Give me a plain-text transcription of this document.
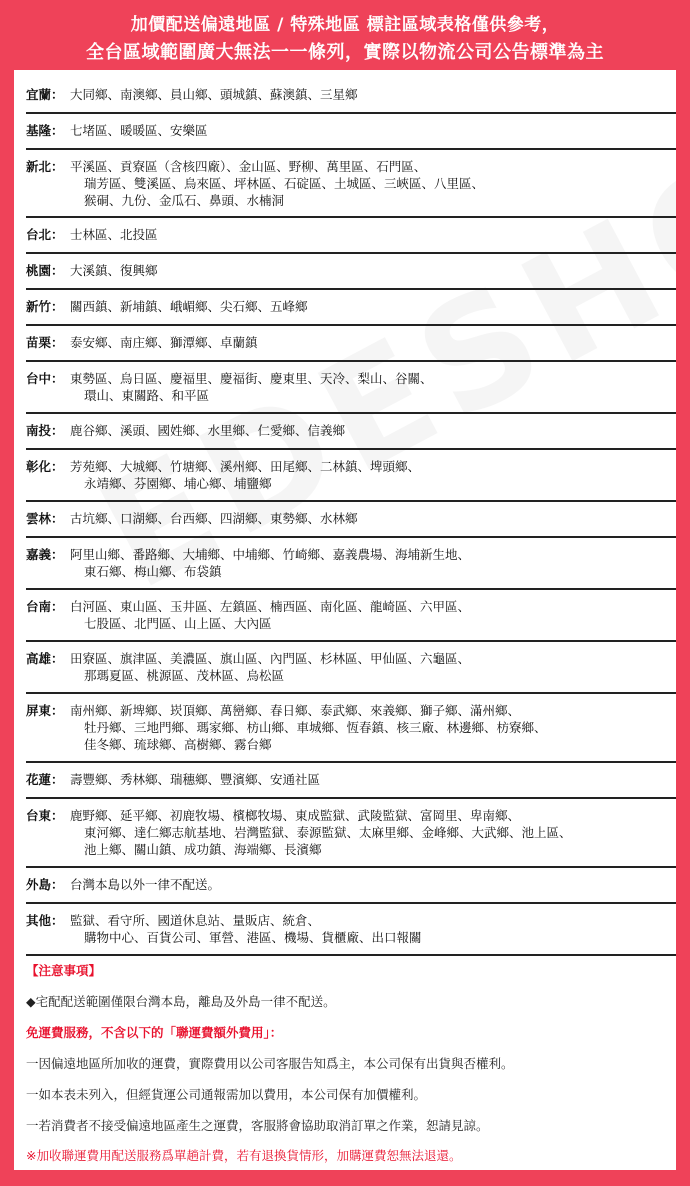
加價配送偏遠地區 / 特殊地區 標註區域表格僅供參考，
全台區域範圍廣大無法一一條列，實際以物流公司公告標準為主
宜蘭： 大同鄉、南澳鄉、員山鄉、頭城鎮、蘇澳鎮、三星鄉
基隆： 七堵區、暖暖區、安樂區
新北： 平溪區、貢寮區（含核四廠）、金山區、野柳、萬里區、石門區、
瑞芳區、雙溪區、烏來區、坪林區、石碇區、土城區、三峽區、八里區、
猴硐、九份、金瓜石、鼻頭、水楠洞
台北： 士林區、北投區
桃園： 大溪鎮、復興鄉
新竹： 關西鎮、新埔鎮、峨嵋鄉、尖石鄉、五峰鄉
苗栗： 泰安鄉、南庄鄉、獅潭鄉、卓蘭鎮
台中： 東勢區、烏日區、慶福里、慶福街、慶東里、天冷、梨山、谷關、
環山、東關路、和平區
南投： 鹿谷鄉、溪頭、國姓鄉、水里鄉、仁愛鄉、信義鄉
彰化： 芳苑鄉、大城鄉、竹塘鄉、溪州鄉、田尾鄉、二林鎮、埤頭鄉、
永靖鄉、芬園鄉、埔心鄉、埔鹽鄉
雲林： 古坑鄉、口湖鄉、台西鄉、四湖鄉、東勢鄉、水林鄉
嘉義： 阿里山鄉、番路鄉、大埔鄉、中埔鄉、竹崎鄉、嘉義農場、海埔新生地、
東石鄉、梅山鄉、布袋鎮
台南： 白河區、東山區、玉井區、左鎮區、楠西區、南化區、龍崎區、六甲區、
七股區、北門區、山上區、大內區
高雄： 田寮區、旗津區、美濃區、旗山區、內門區、杉林區、甲仙區、六龜區、
那瑪夏區、桃源區、茂林區、烏松區
屏東： 南州鄉、新埤鄉、崁頂鄉、萬巒鄉、春日鄉、泰武鄉、來義鄉、獅子鄉、滿州鄉、
牡丹鄉、三地門鄉、瑪家鄉、枋山鄉、車城鄉、恆春鎮、核三廠、林邊鄉、枋寮鄉、
佳冬鄉、琉球鄉、高樹鄉、霧台鄉
花蓮： 壽豐鄉、秀林鄉、瑞穗鄉、豐濱鄉、安通社區
台東： 鹿野鄉、延平鄉、初鹿牧場、檳榔牧場、東成監獄、武陵監獄、富岡里、卑南鄉、
東河鄉、達仁鄉志航基地、岩灣監獄、泰源監獄、太麻里鄉、金峰鄉、大武鄉、池上區、
池上鄉、關山鎮、成功鎮、海端鄉、長濱鄉
外島： 台灣本島以外一律不配送。
其他： 監獄、看守所、國道休息站、量販店、統倉、
購物中心、百貨公司、軍營、港區、機場、貨櫃廠、出口報關
【注意事項】
◆宅配配送範圍僅限台灣本島，離島及外島一律不配送。
免運費服務，不含以下的「聯運費額外費用」：
一因偏遠地區所加收的運費，實際費用以公司客服告知爲主，本公司保有出貨與否權利。
一如本表未列入，但經貨運公司通報需加以費用，本公司保有加價權利。
一若消費者不接受偏遠地區產生之運費，客服將會協助取消訂單之作業，恕請見諒。
※加收聯運費用配送服務爲單趟計費，若有退換貨情形，加購運費恕無法退還。
